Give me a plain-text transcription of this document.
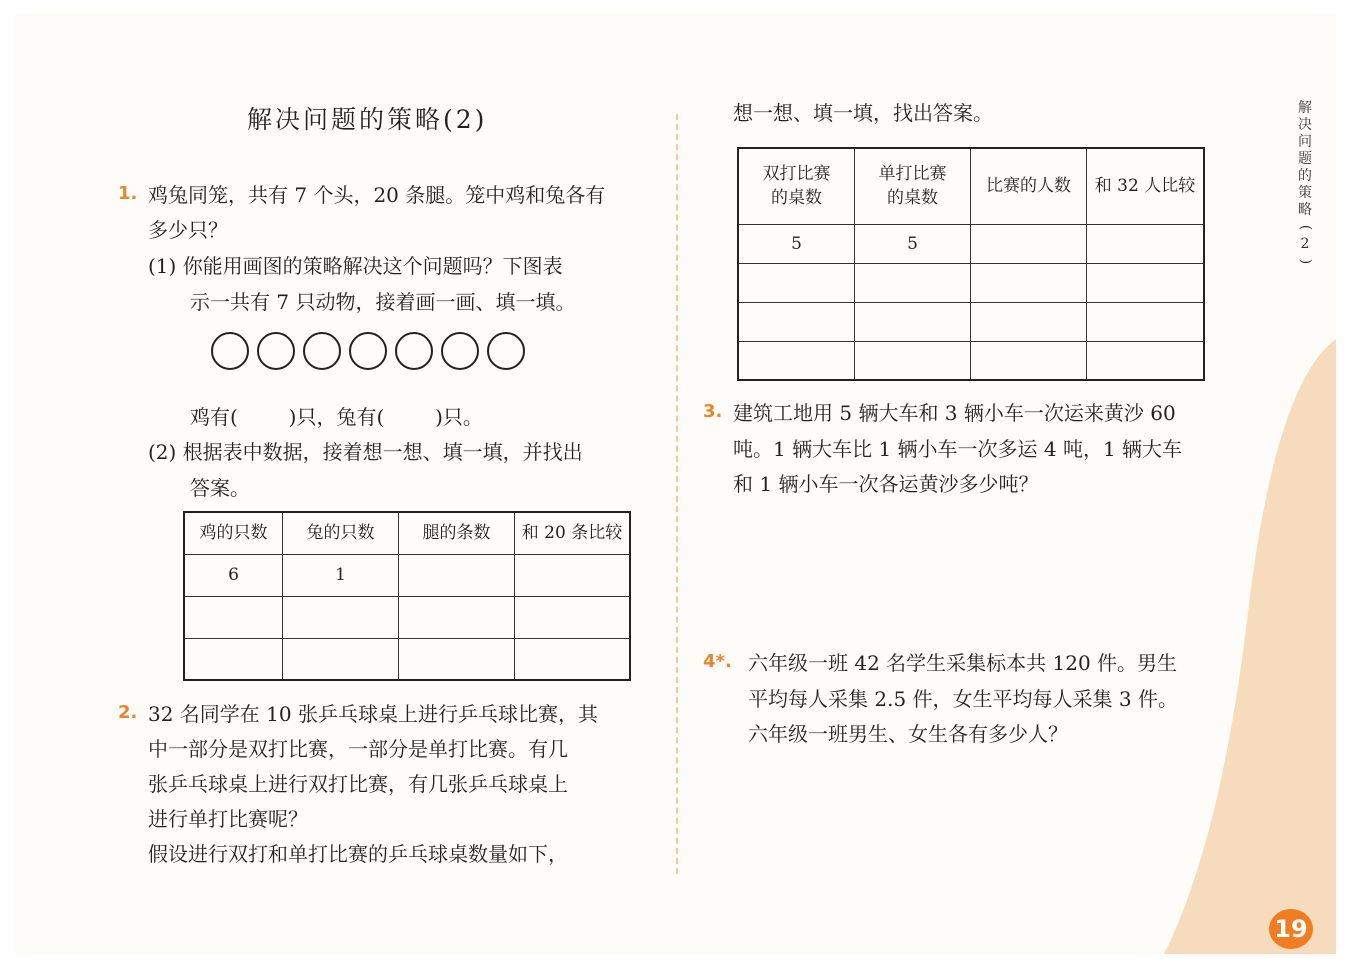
解决问题的策略(2)
1. 鸡兔同笼，共有 7 个头，20 条腿。笼中鸡和兔各有
多少只？
(1) 你能用画图的策略解决这个问题吗？下图表
示一共有 7 只动物，接着画一画、填一填。
鸡有(        )只，兔有(        )只。
(2) 根据表中数据，接着想一想、填一填，并找出
答案。
鸡的只数	兔的只数	腿的条数	和 20 条比较
6	1		

2. 32 名同学在 10 张乒乓球桌上进行乒乓球比赛，其
中一部分是双打比赛，一部分是单打比赛。有几
张乒乓球桌上进行双打比赛，有几张乒乓球桌上
进行单打比赛呢？
假设进行双打和单打比赛的乒乓球桌数量如下，
想一想、填一填，找出答案。
双打比赛
的桌数	单打比赛
的桌数	比赛的人数	和 32 人比较
5	5		

3. 建筑工地用 5 辆大车和 3 辆小车一次运来黄沙 60
吨。1 辆大车比 1 辆小车一次多运 4 吨，1 辆大车
和 1 辆小车一次各运黄沙多少吨？
4*. 六年级一班 42 名学生采集标本共 120 件。男生
平均每人采集 2.5 件，女生平均每人采集 3 件。
六年级一班男生、女生各有多少人？
解
决
问
题
的
策
略
(
2
)
19
